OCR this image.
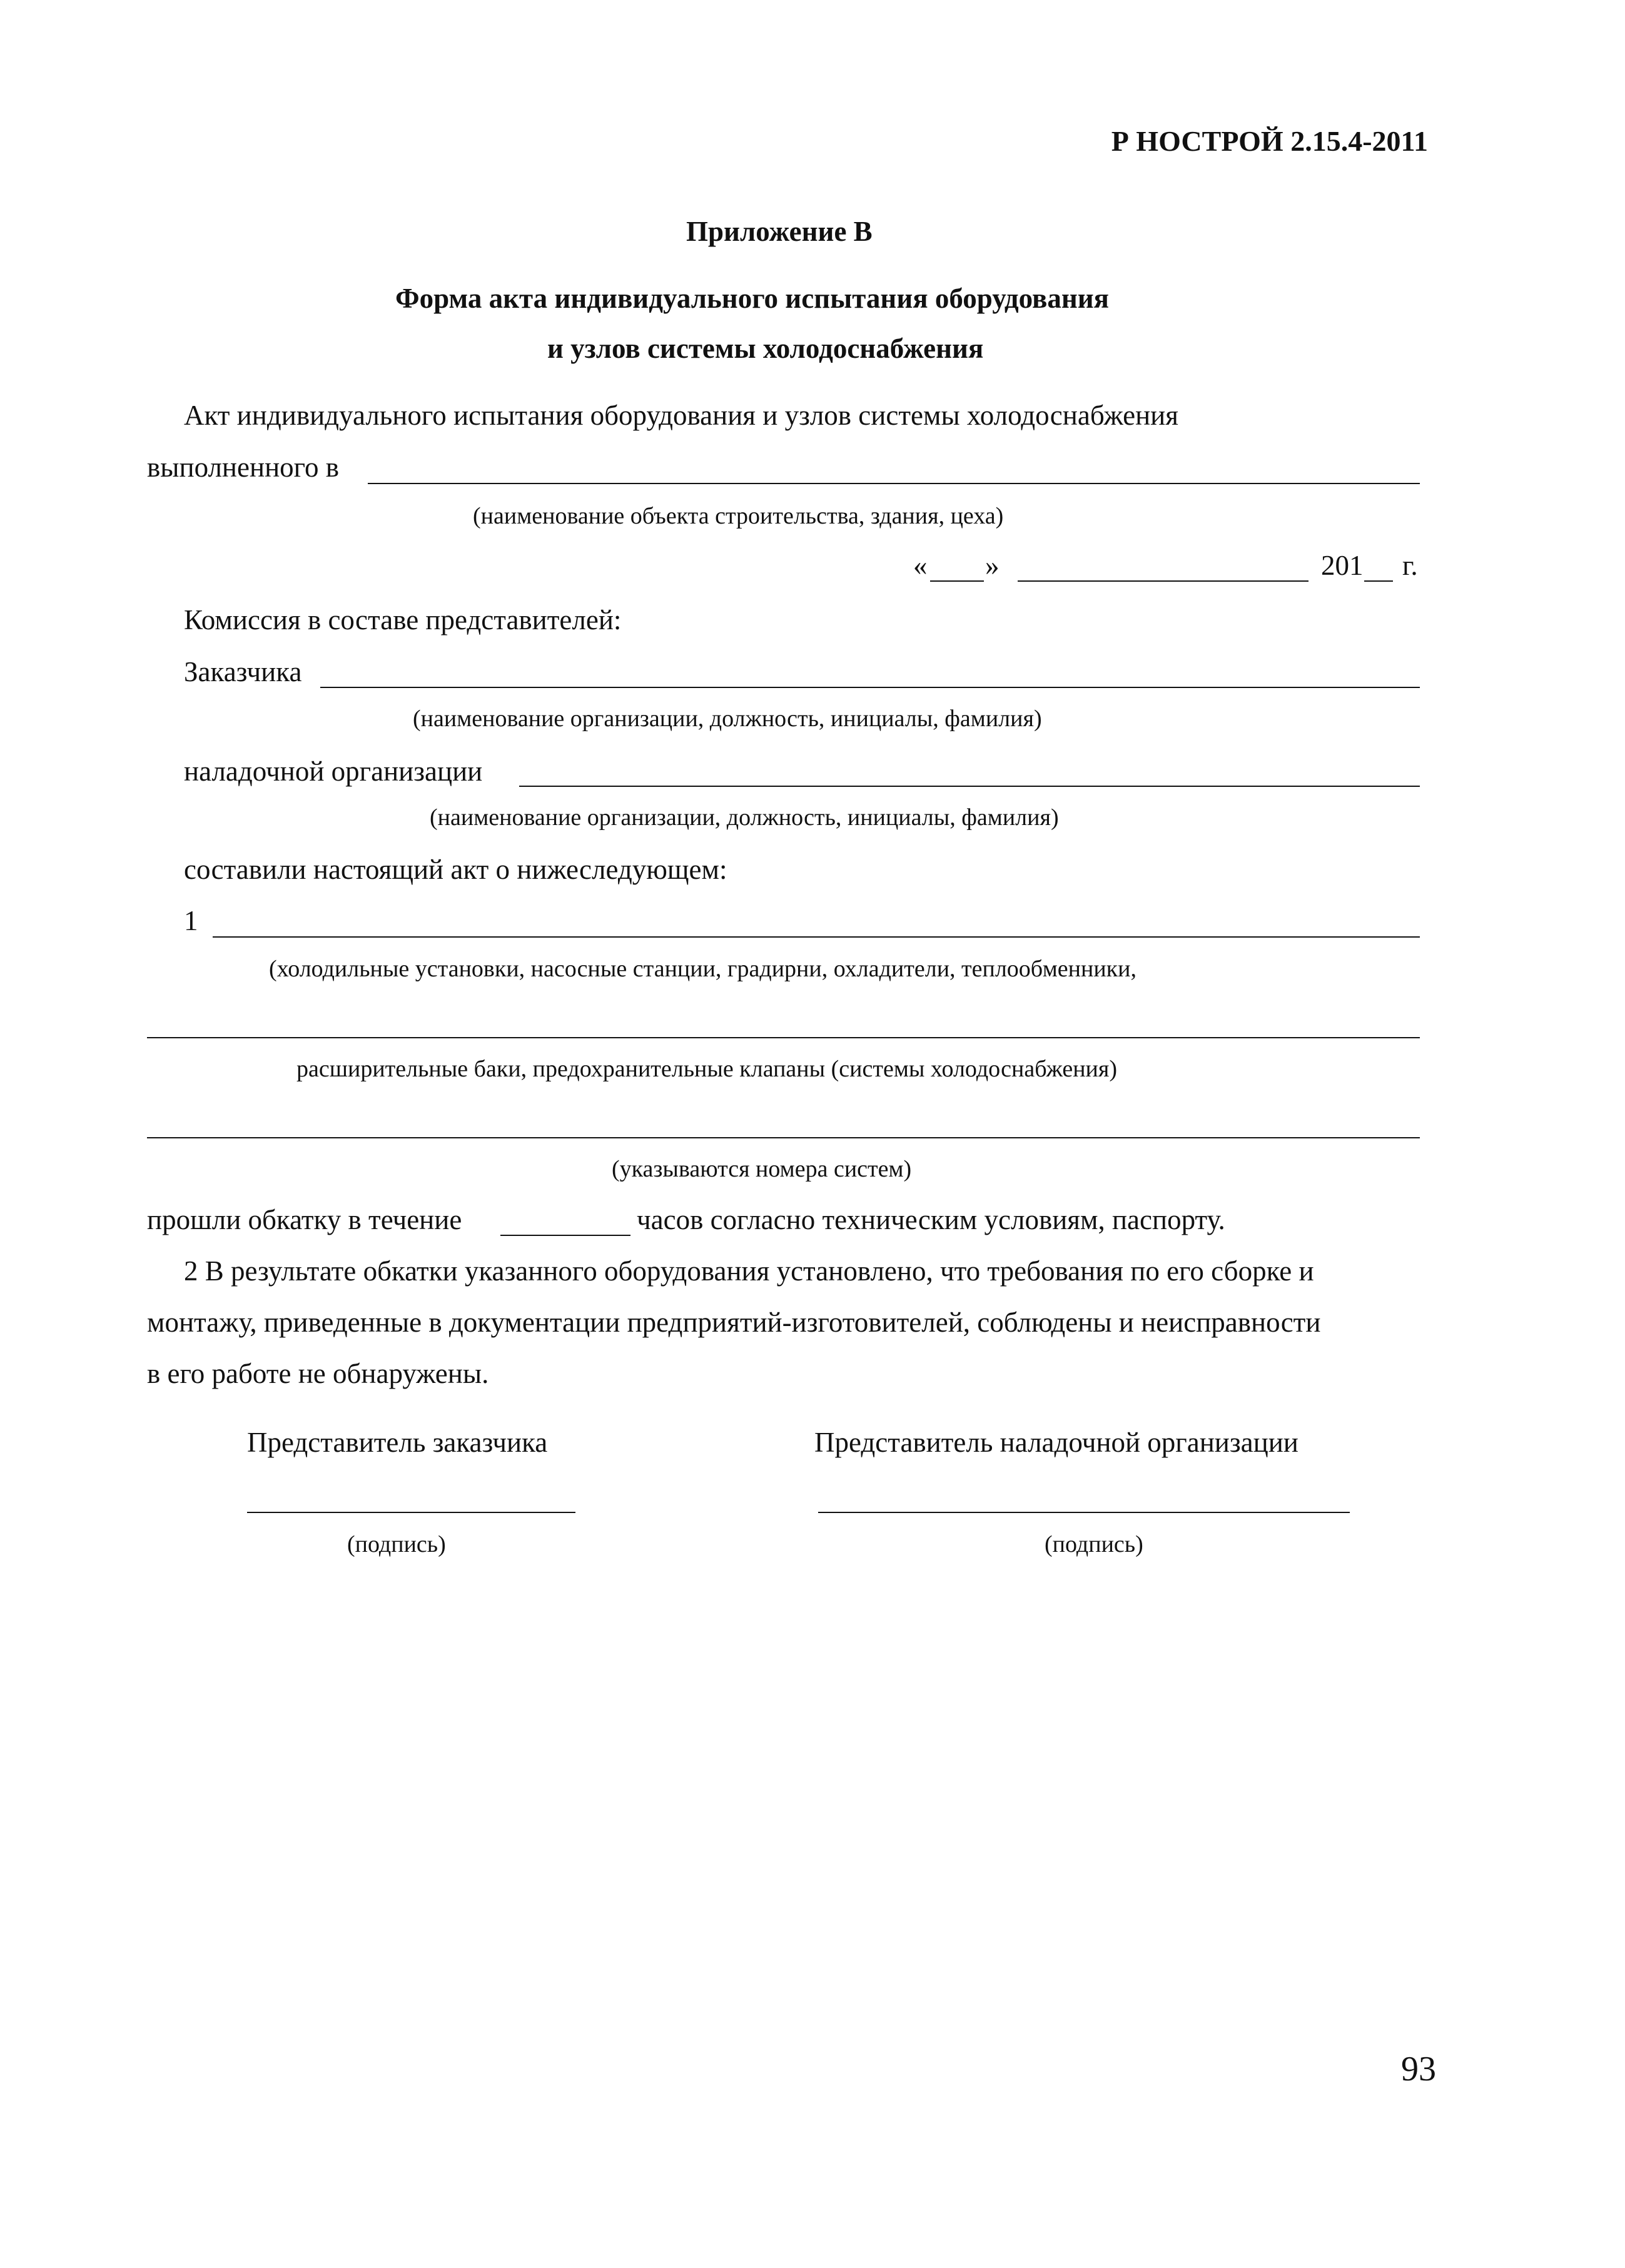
Р НОСТРОЙ 2.15.4-2011
Приложение В
Форма акта индивидуального испытания оборудования
и узлов системы холодоснабжения
Акт индивидуального испытания оборудования и узлов системы холодоснабжения
выполненного в
(наименование объекта строительства, здания, цеха)
« »	201 г.
Комиссия в составе представителей:
Заказчика
(наименование организации, должность, инициалы, фамилия)
наладочной организации
(наименование организации, должность, инициалы, фамилия)
составили настоящий акт о нижеследующем:
1
(холодильные установки, насосные станции, градирни, охладители, теплообменники,
расширительные баки, предохранительные клапаны (системы холодоснабжения)
(указываются номера систем)
прошли обкатку в течение	часов согласно техническим условиям, паспорту.
2 В результате обкатки указанного оборудования установлено, что требования по его сборке и
монтажу, приведенные в документации предприятий-изготовителей, соблюдены и неисправности
в его работе не обнаружены.
Представитель заказчика	Представитель наладочной организации
(подпись)	(подпись)
93
